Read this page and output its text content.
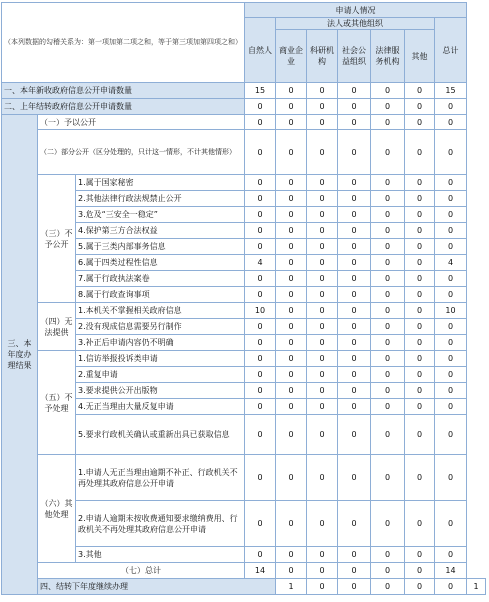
（本列数据的勾稽关系为：第一项加第二项之和，等于第三项加第四项之和）			申请人情况							
			自然人	法人或其他组织					总计	
				商业企业	科研机构	社会公益组织	法律服务机构	其他		
一、本年新收政府信息公开申请数量			15	0	0	0	0	0	15	
二、上年结转政府信息公开申请数量			0	0	0	0	0	0	0	
三、本年度办理结果	（一）予以公开		0	0	0	0	0	0	0	
	（二）部分公开（区分处理的，只计这一情形，不计其他情形）		0	0	0	0	0	0	0	
	（三）不予公开	1.属于国家秘密	0	0	0	0	0	0	0	
		2.其他法律行政法规禁止公开	0	0	0	0	0	0	0	
		3.危及“三安全一稳定”	0	0	0	0	0	0	0	
		4.保护第三方合法权益	0	0	0	0	0	0	0	
		5.属于三类内部事务信息	0	0	0	0	0	0	0	
		6.属于四类过程性信息	4	0	0	0	0	0	4	
		7.属于行政执法案卷	0	0	0	0	0	0	0	
		8.属于行政查询事项	0	0	0	0	0	0	0	
	（四）无法提供	1.本机关不掌握相关政府信息	10	0	0	0	0	0	10	
		2.没有现成信息需要另行制作	0	0	0	0	0	0	0	
		3.补正后申请内容仍不明确	0	0	0	0	0	0	0	
	（五）不予处理	1.信访举报投诉类申请	0	0	0	0	0	0	0	
		2.重复申请	0	0	0	0	0	0	0	
		3.要求提供公开出版物	0	0	0	0	0	0	0	
		4.无正当理由大量反复申请	0	0	0	0	0	0	0	
		5.要求行政机关确认或重新出具已获取信息	0	0	0	0	0	0	0	
	（六）其他处理	1.申请人无正当理由逾期不补正、行政机关不再处理其政府信息公开申请	0	0	0	0	0	0	0	
		2.申请人逾期未按收费通知要求缴纳费用、行政机关不再处理其政府信息公开申请	0	0	0	0	0	0	0	
		3.其他	0	0	0	0	0	0	0	
	（七）总计		14	0	0	0	0	0	14	
	四、结转下年度继续办理			1	0	0	0	0	0	1
